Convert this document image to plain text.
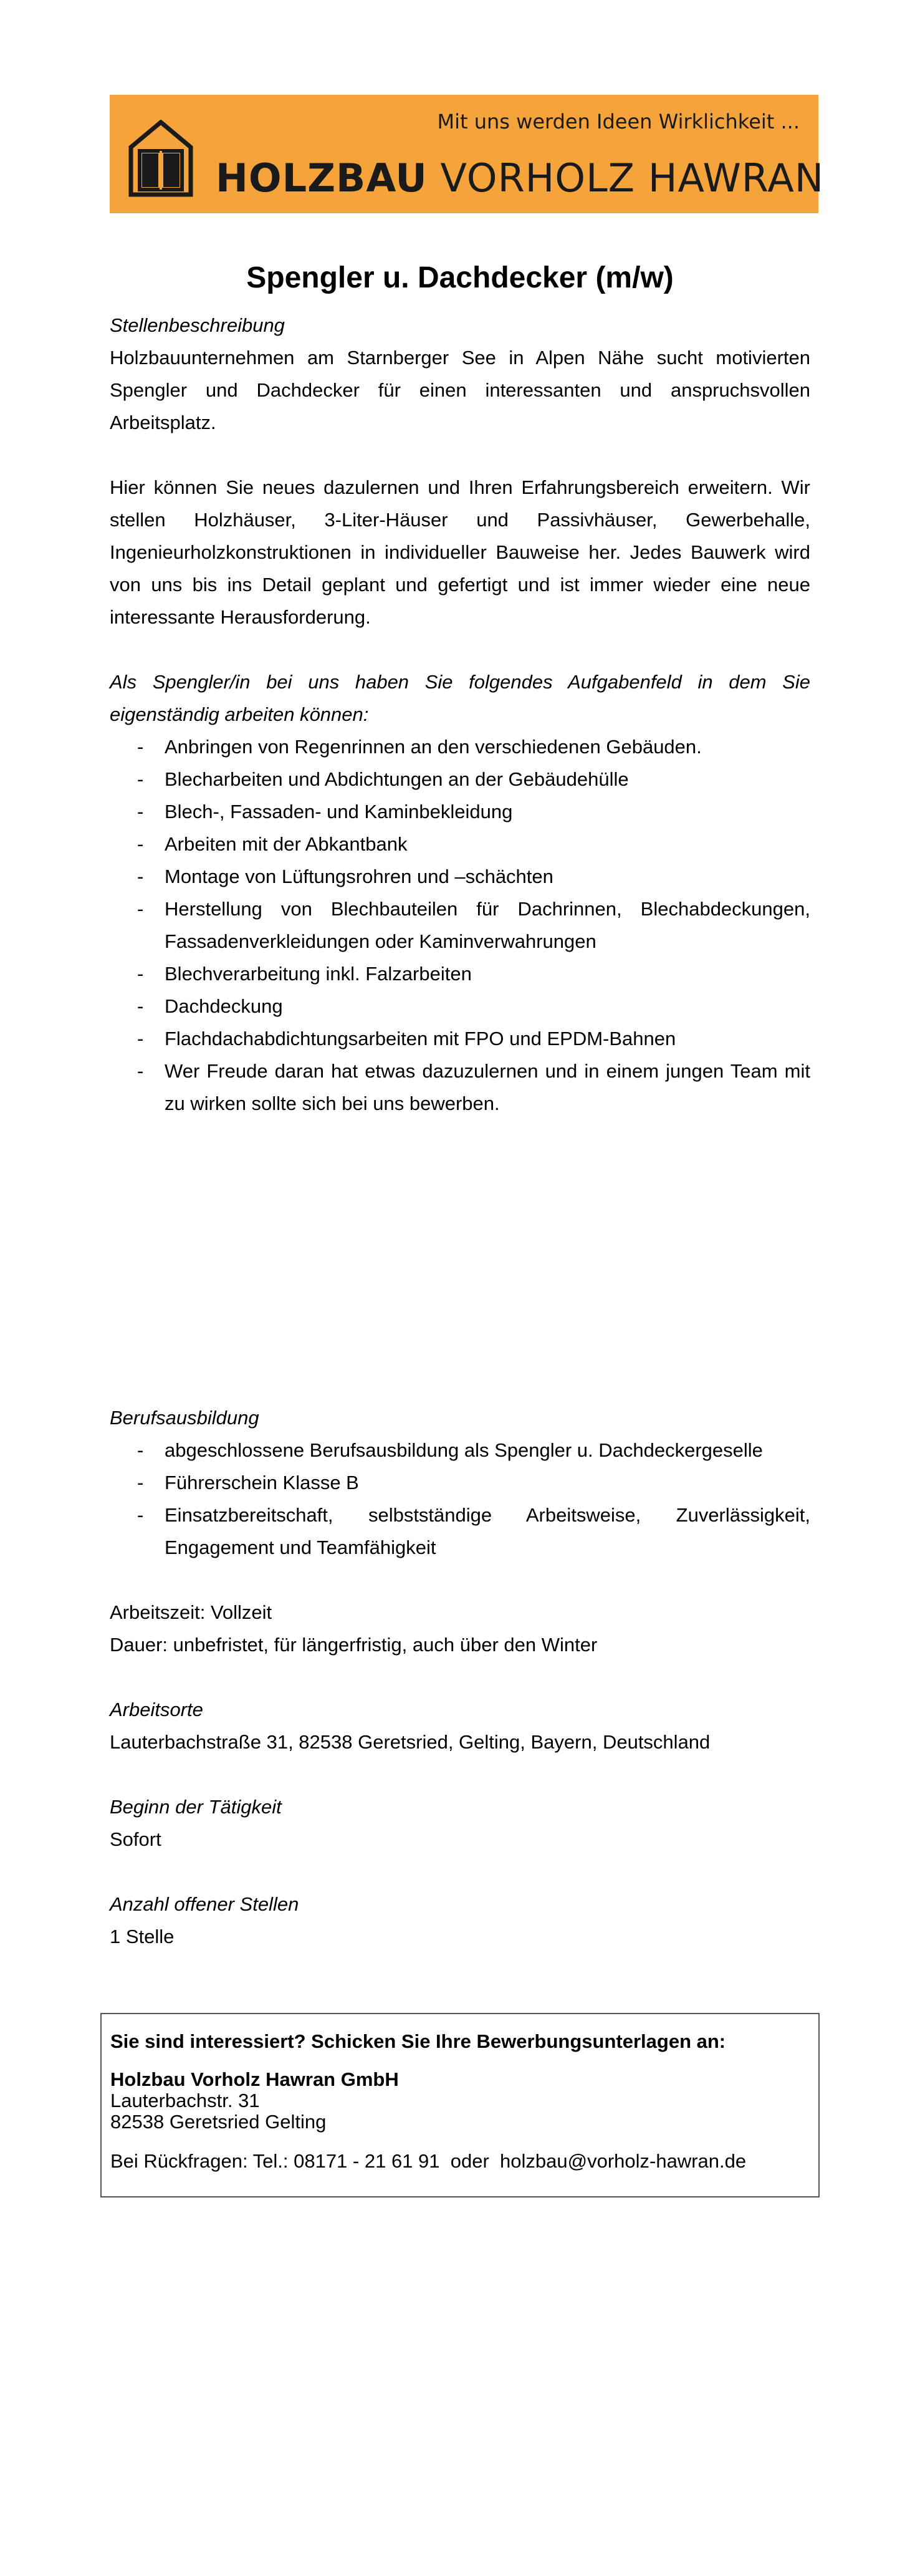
Mit uns werden Ideen Wirklichkeit ...
HOLZBAU VORHOLZ HAWRAN
Spengler u. Dachdecker (m/w)
Stellenbeschreibung
Holzbauunternehmen am Starnberger See in Alpen Nähe sucht motivierten Spengler und Dachdecker für einen interessanten und anspruchsvollen Arbeitsplatz.
Hier können Sie neues dazulernen und Ihren Erfahrungsbereich erweitern. Wir stellen Holzhäuser, 3-Liter-Häuser und Passivhäuser, Gewerbehalle, Ingenieurholzkonstruktionen in individueller Bauweise her. Jedes Bauwerk wird von uns bis ins Detail geplant und gefertigt und ist immer wieder eine neue interessante Herausforderung.
Als Spengler/in bei uns haben Sie folgendes Aufgabenfeld in dem Sie eigenständig arbeiten können:
- Anbringen von Regenrinnen an den verschiedenen Gebäuden.
- Blecharbeiten und Abdichtungen an der Gebäudehülle
- Blech-, Fassaden- und Kaminbekleidung
- Arbeiten mit der Abkantbank
- Montage von Lüftungsrohren und –schächten
- Herstellung von Blechbauteilen für Dachrinnen, Blechabdeckungen, Fassadenverkleidungen oder Kaminverwahrungen
- Blechverarbeitung inkl. Falzarbeiten
- Dachdeckung
- Flachdachabdichtungsarbeiten mit FPO und EPDM-Bahnen
- Wer Freude daran hat etwas dazuzulernen und in einem jungen Team mit zu wirken sollte sich bei uns bewerben.
Berufsausbildung
- abgeschlossene Berufsausbildung als Spengler u. Dachdeckergeselle
- Führerschein Klasse B
- Einsatzbereitschaft, selbstständige Arbeitsweise, Zuverlässigkeit, Engagement und Teamfähigkeit
Arbeitszeit: Vollzeit
Dauer: unbefristet, für längerfristig, auch über den Winter
Arbeitsorte
Lauterbachstraße 31, 82538 Geretsried, Gelting, Bayern, Deutschland
Beginn der Tätigkeit
Sofort
Anzahl offener Stellen
1 Stelle
Sie sind interessiert? Schicken Sie Ihre Bewerbungsunterlagen an:
Holzbau Vorholz Hawran GmbH
Lauterbachstr. 31
82538 Geretsried Gelting
Bei Rückfragen: Tel.: 08171 - 21 61 91 oder holzbau@vorholz-hawran.de
